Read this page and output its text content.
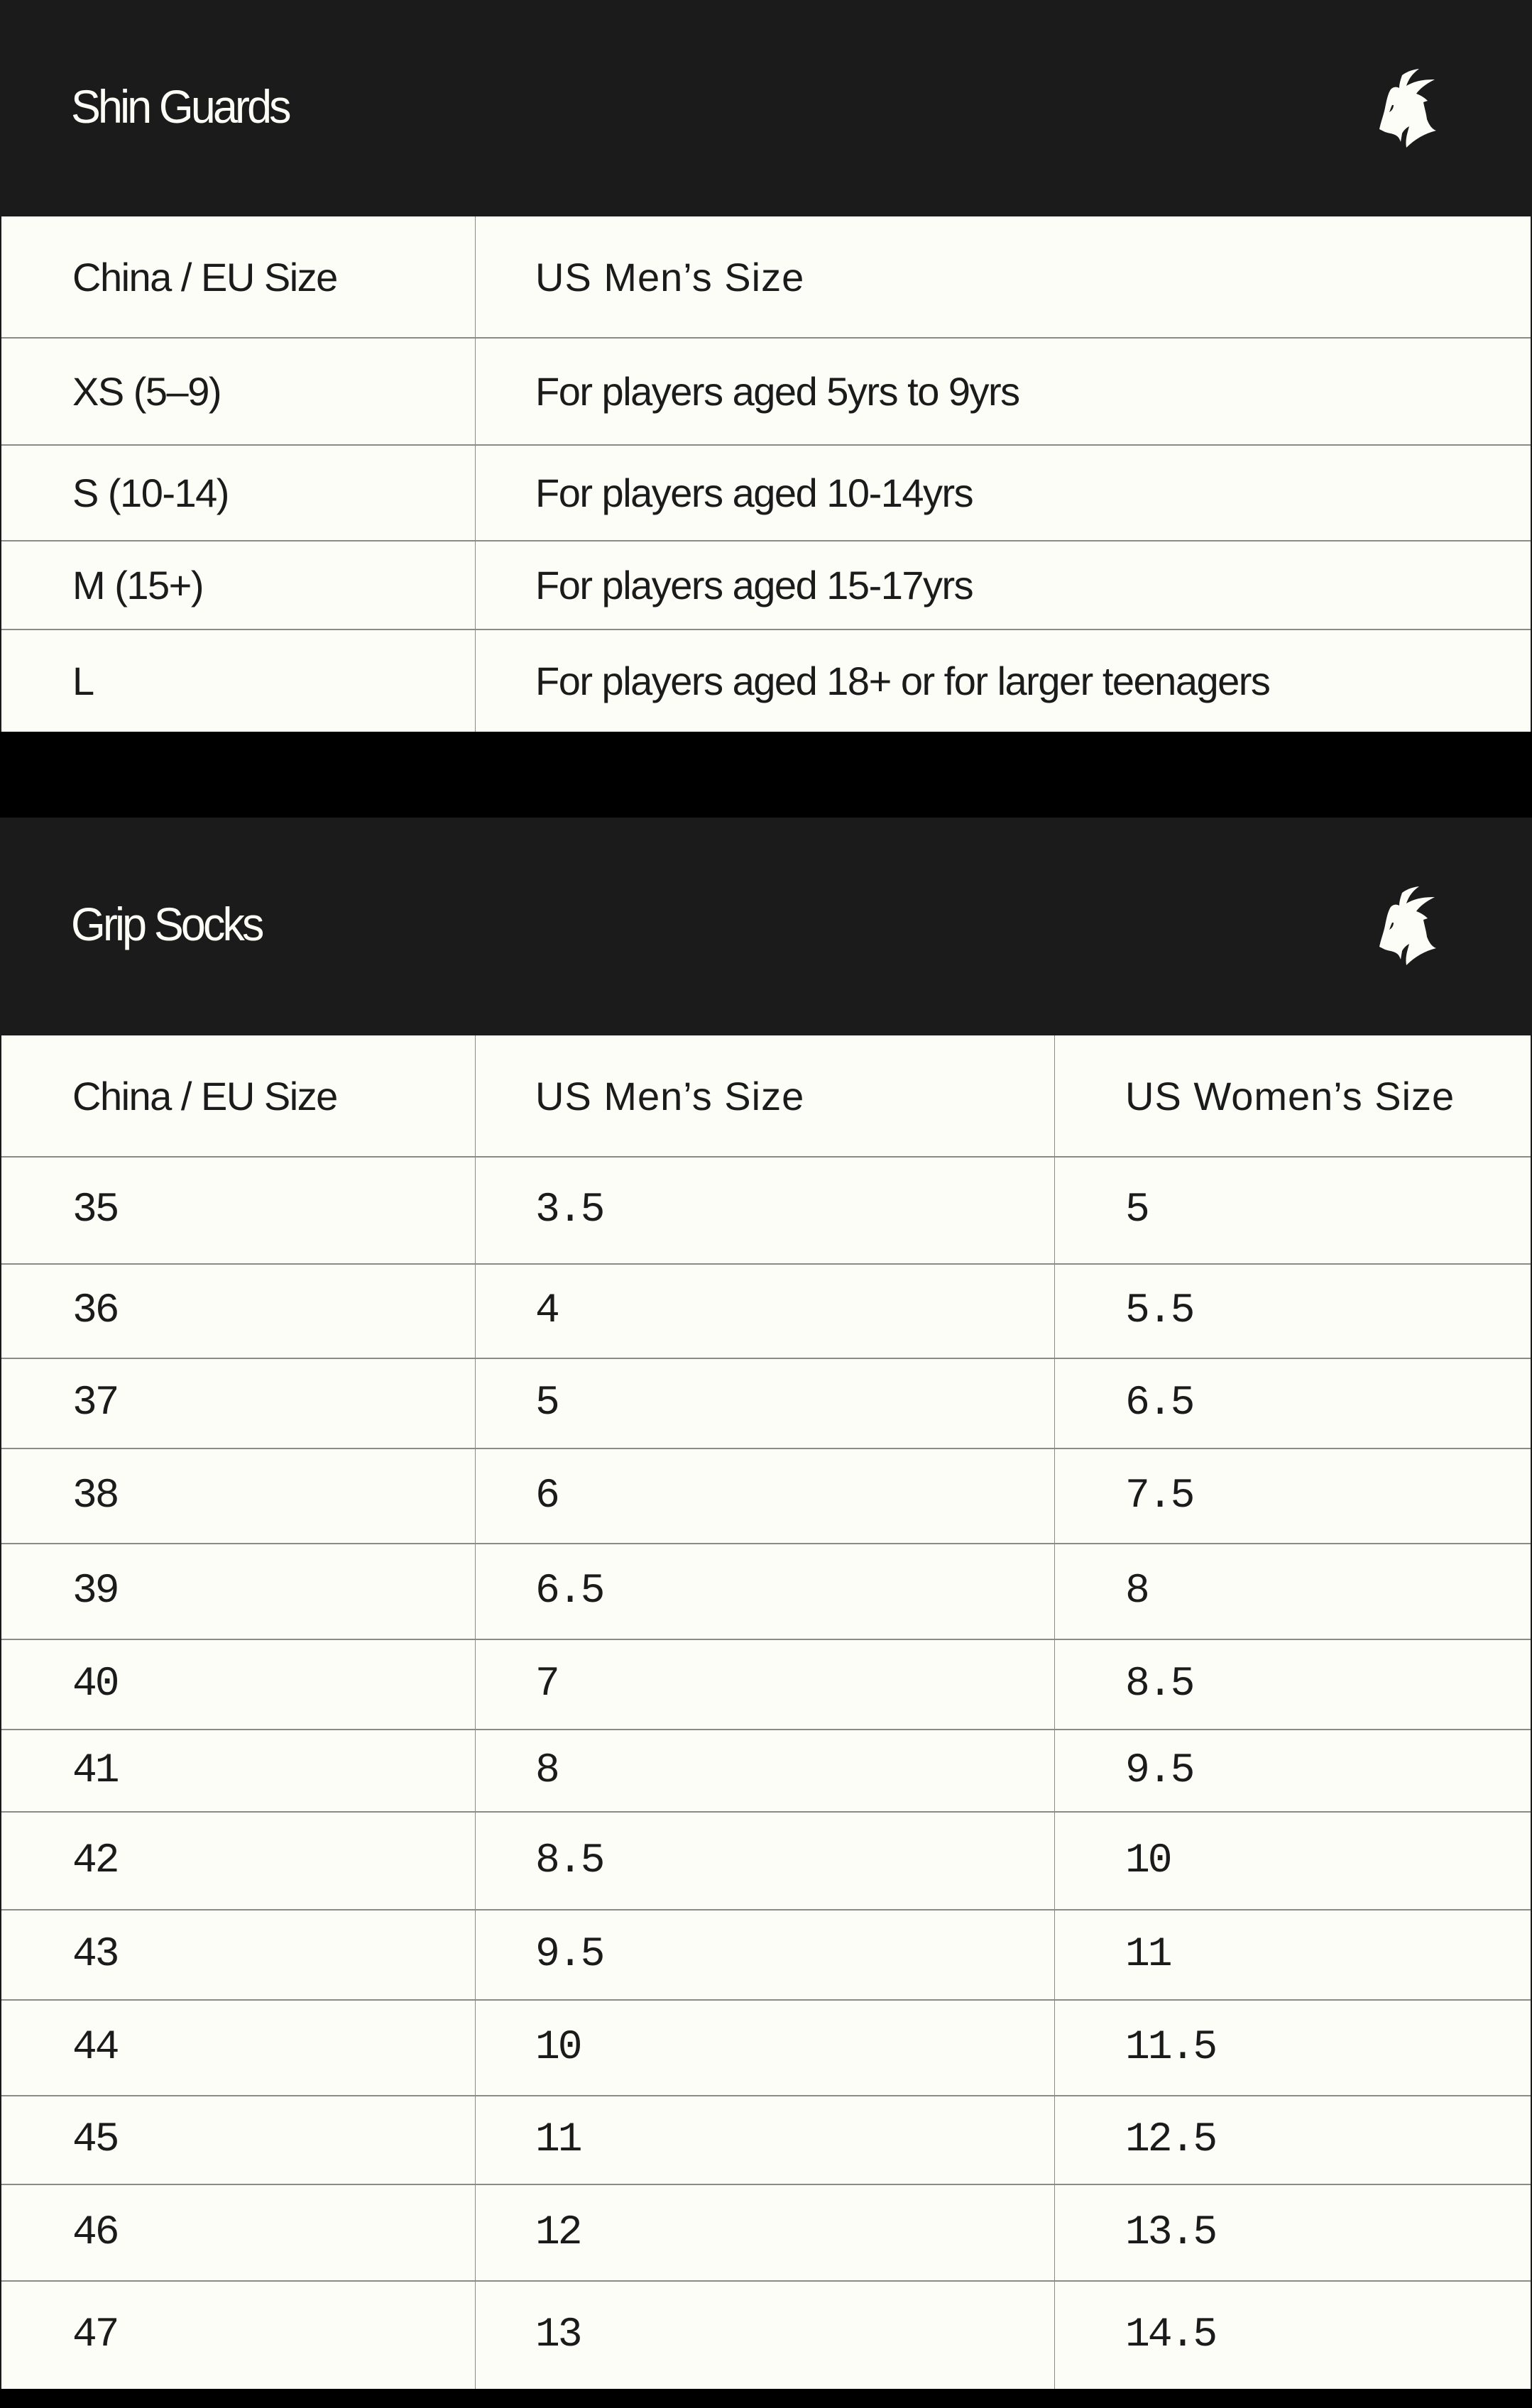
Shin Guards
China / EU Size	US Men’s Size
XS (5–9)	For players aged 5yrs to 9yrs
S (10-14)	For players aged 10-14yrs
M (15+)	For players aged 15-17yrs
L	For players aged 18+ or for larger teenagers
Grip Socks
China / EU Size	US Men’s Size	US Women’s Size
35	3.5	5
36	4	5.5
37	5	6.5
38	6	7.5
39	6.5	8
40	7	8.5
41	8	9.5
42	8.5	10
43	9.5	11
44	10	11.5
45	11	12.5
46	12	13.5
47	13	14.5
